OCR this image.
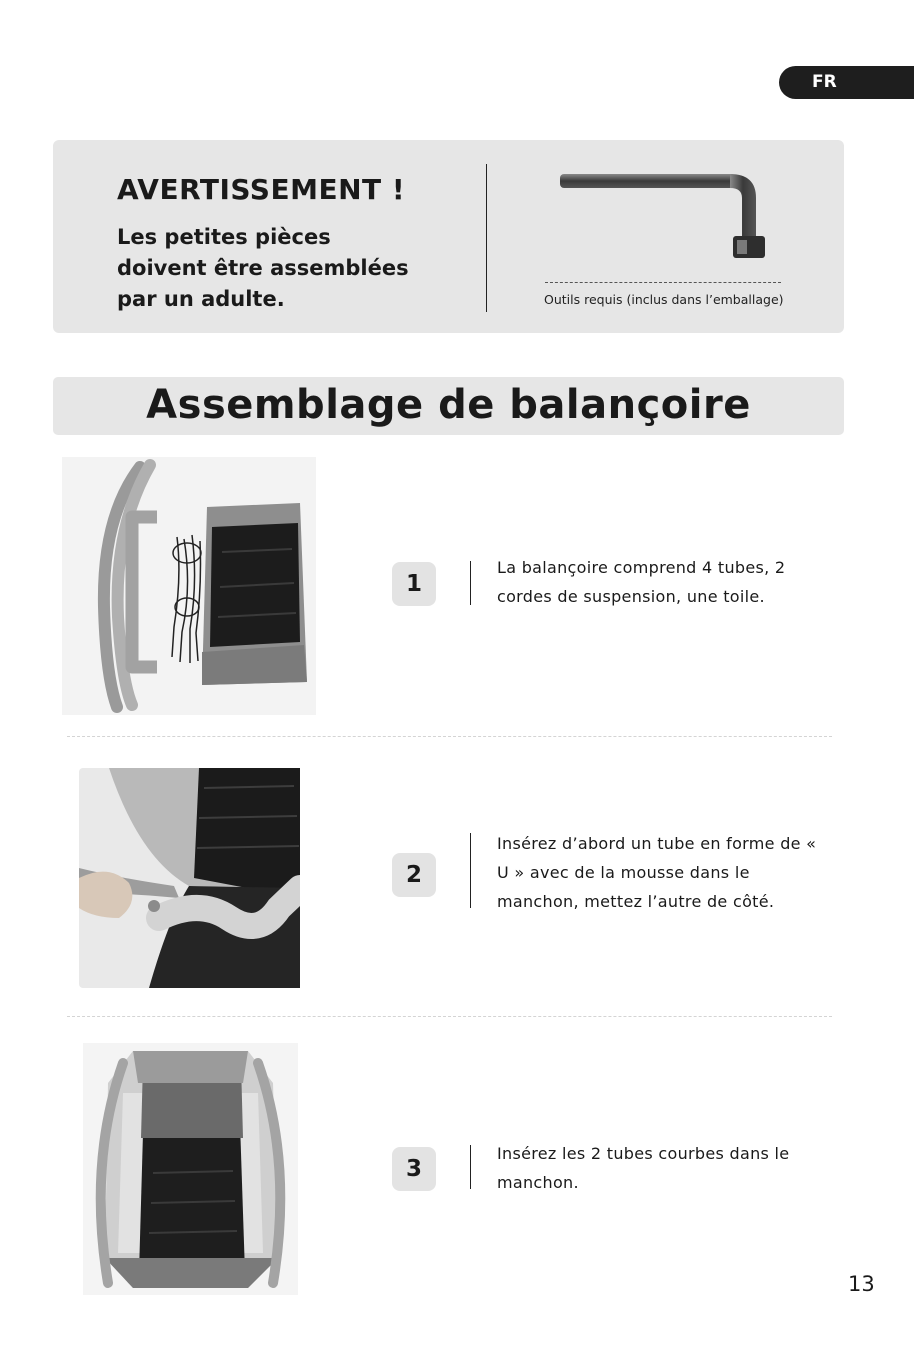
FR
AVERTISSEMENT !
Les petites pièces
doivent être assemblées
par un adulte.	Outils requis (inclus dans l’emballage)
Assemblage de balançoire
1
La balançoire comprend 4 tubes, 2
cordes de suspension, une toile.
2
Insérez d’abord un tube en forme de «
U » avec de la mousse dans le
manchon, mettez l’autre de côté.
3
Insérez les 2 tubes courbes dans le
manchon.
13
